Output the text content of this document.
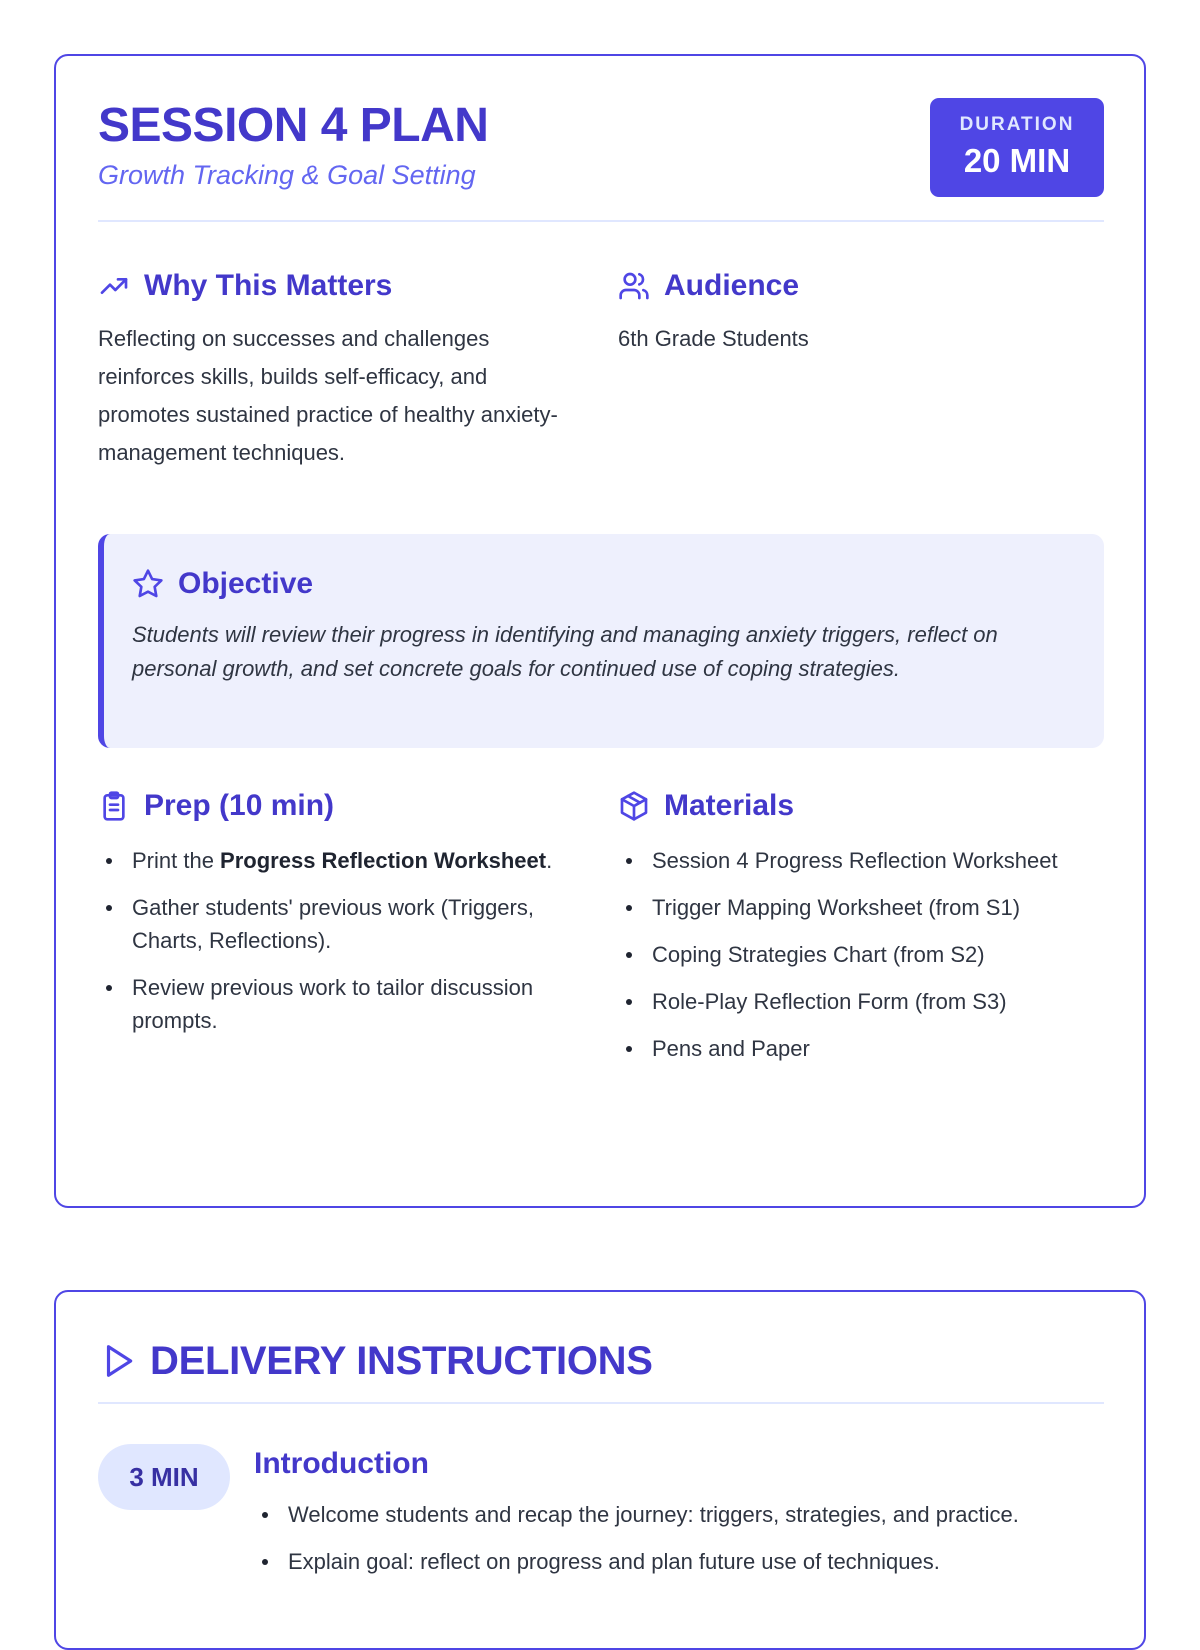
SESSION 4 PLAN
Growth Tracking & Goal Setting
DURATION
20 MIN
Why This Matters
Reflecting on successes and challenges reinforces skills, builds self-efficacy, and promotes sustained practice of healthy anxiety-management techniques.
Audience
6th Grade Students
Objective
Students will review their progress in identifying and managing anxiety triggers, reflect on personal growth, and set concrete goals for continued use of coping strategies.
Prep (10 min)
Print the Progress Reflection Worksheet.
Gather students' previous work (Triggers, Charts, Reflections).
Review previous work to tailor discussion prompts.
Materials
Session 4 Progress Reflection Worksheet
Trigger Mapping Worksheet (from S1)
Coping Strategies Chart (from S2)
Role-Play Reflection Form (from S3)
Pens and Paper
DELIVERY INSTRUCTIONS
3 MIN	Introduction
Welcome students and recap the journey: triggers, strategies, and practice.
Explain goal: reflect on progress and plan future use of techniques.
